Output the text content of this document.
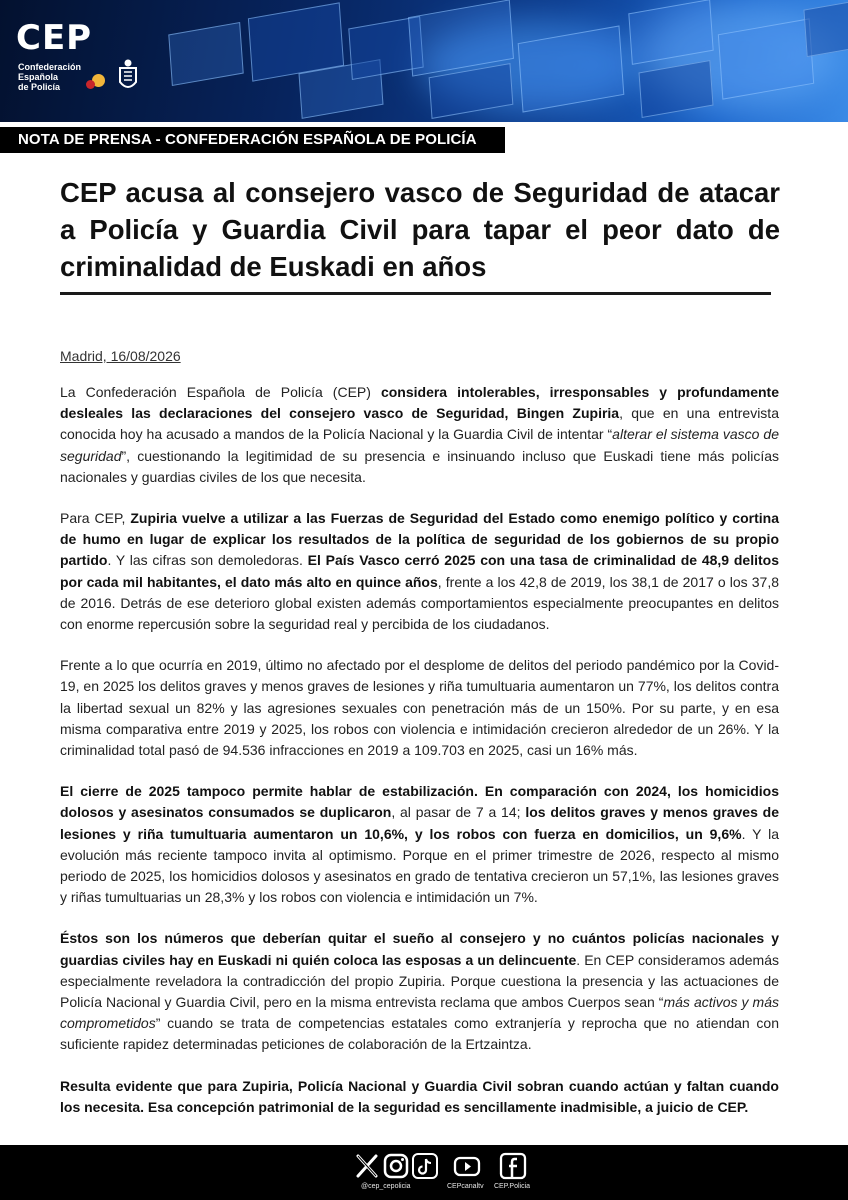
CEP
Confederación
Española
de Policía
NOTA DE PRENSA - CONFEDERACIÓN ESPAÑOLA DE POLICÍA
CEP acusa al consejero vasco de Seguridad de atacar a Policía y Guardia Civil para tapar el peor dato de criminalidad de Euskadi en años
Madrid, 16/08/2026

La Confederación Española de Policía (CEP) considera intolerables, irresponsables y profundamente desleales las declaraciones del consejero vasco de Seguridad, Bingen Zupiria, que en una entrevista conocida hoy ha acusado a mandos de la Policía Nacional y la Guardia Civil de intentar “alterar el sistema vasco de seguridad”, cuestionando la legitimidad de su presencia e insinuando incluso que Euskadi tiene más policías nacionales y guardias civiles de los que necesita.

Para CEP, Zupiria vuelve a utilizar a las Fuerzas de Seguridad del Estado como enemigo político y cortina de humo en lugar de explicar los resultados de la política de seguridad de los gobiernos de su propio partido. Y las cifras son demoledoras. El País Vasco cerró 2025 con una tasa de criminalidad de 48,9 delitos por cada mil habitantes, el dato más alto en quince años, frente a los 42,8 de 2019, los 38,1 de 2017 o los 37,8 de 2016. Detrás de ese deterioro global existen además comportamientos especialmente preocupantes en delitos con enorme repercusión sobre la seguridad real y percibida de los ciudadanos.

Frente a lo que ocurría en 2019, último no afectado por el desplome de delitos del periodo pandémico por la Covid-19, en 2025 los delitos graves y menos graves de lesiones y riña tumultuaria aumentaron un 77%, los delitos contra la libertad sexual un 82% y las agresiones sexuales con penetración más de un 150%. Por su parte, y en esa misma comparativa entre 2019 y 2025, los robos con violencia e intimidación crecieron alrededor de un 26%. Y la criminalidad total pasó de 94.536 infracciones en 2019 a 109.703 en 2025, casi un 16% más.

El cierre de 2025 tampoco permite hablar de estabilización. En comparación con 2024, los homicidios dolosos y asesinatos consumados se duplicaron, al pasar de 7 a 14; los delitos graves y menos graves de lesiones y riña tumultuaria aumentaron un 10,6%, y los robos con fuerza en domicilios, un 9,6%. Y la evolución más reciente tampoco invita al optimismo. Porque en el primer trimestre de 2026, respecto al mismo periodo de 2025, los homicidios dolosos y asesinatos en grado de tentativa crecieron un 57,1%, las lesiones graves y riñas tumultuarias un 28,3% y los robos con violencia e intimidación un 7%.

Éstos son los números que deberían quitar el sueño al consejero y no cuántos policías nacionales y guardias civiles hay en Euskadi ni quién coloca las esposas a un delincuente. En CEP consideramos además especialmente reveladora la contradicción del propio Zupiria. Porque cuestiona la presencia y las actuaciones de Policía Nacional y Guardia Civil, pero en la misma entrevista reclama que ambos Cuerpos sean “más activos y más comprometidos” cuando se trata de competencias estatales como extranjería y reprocha que no atiendan con suficiente rapidez determinadas peticiones de colaboración de la Ertzaintza.

Resulta evidente que para Zupiria, Policía Nacional y Guardia Civil sobran cuando actúan y faltan cuando los necesita. Esa concepción patrimonial de la seguridad es sencillamente inadmisible, a juicio de CEP.

@cep_cepolicia	CEPcanaltv CEP.Policia
